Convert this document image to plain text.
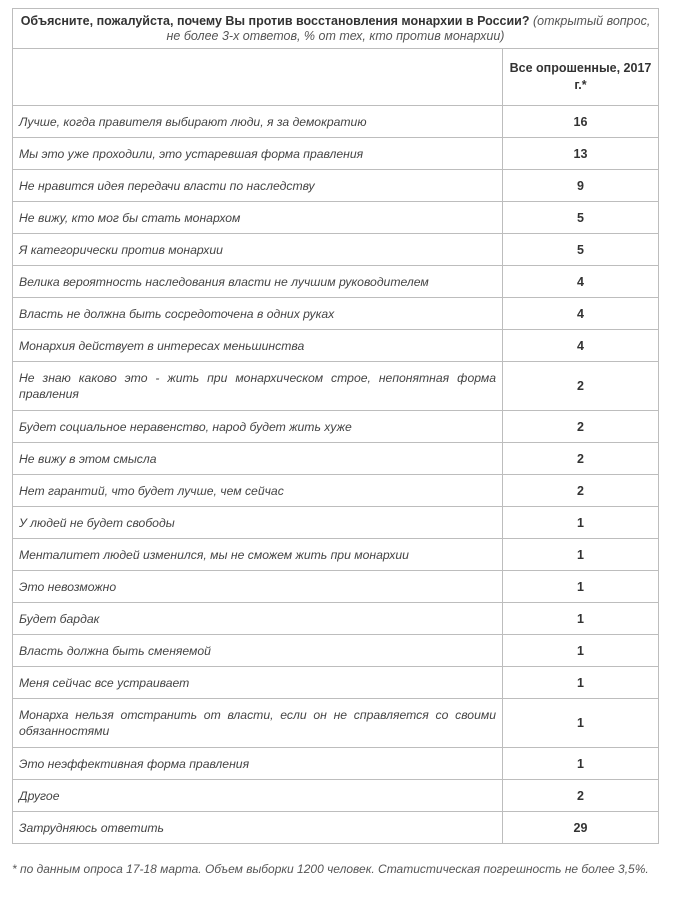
Объясните, пожалуйста, почему Вы против восстановления монархии в России? (открытый вопрос, не более 3-х ответов, % от тех, кто против монархии)	
	Все опрошенные, 2017 г.*
Лучше, когда правителя выбирают люди, я за демократию	16
Мы это уже проходили, это устаревшая форма правления	13
Не нравится идея передачи власти по наследству	9
Не вижу, кто мог бы стать монархом	5
Я категорически против монархии	5
Велика вероятность наследования власти не лучшим руководителем	4
Власть не должна быть сосредоточена в одних руках	4
Монархия действует в интересах меньшинства	4
Не знаю каково это - жить при монархическом строе, непонятная форма правления	2
Будет социальное неравенство, народ будет жить хуже	2
Не вижу в этом смысла	2
Нет гарантий, что будет лучше, чем сейчас	2
У людей не будет свободы	1
Менталитет людей изменился, мы не сможем жить при монархии	1
Это невозможно	1
Будет бардак	1
Власть должна быть сменяемой	1
Меня сейчас все устраивает	1
Монарха нельзя отстранить от власти, если он не справляется со своими обязанностями	1
Это неэффективная форма правления	1
Другое	2
Затрудняюсь ответить	29
* по данным опроса 17-18 марта. Объем выборки 1200 человек. Статистическая погрешность не более 3,5%.
